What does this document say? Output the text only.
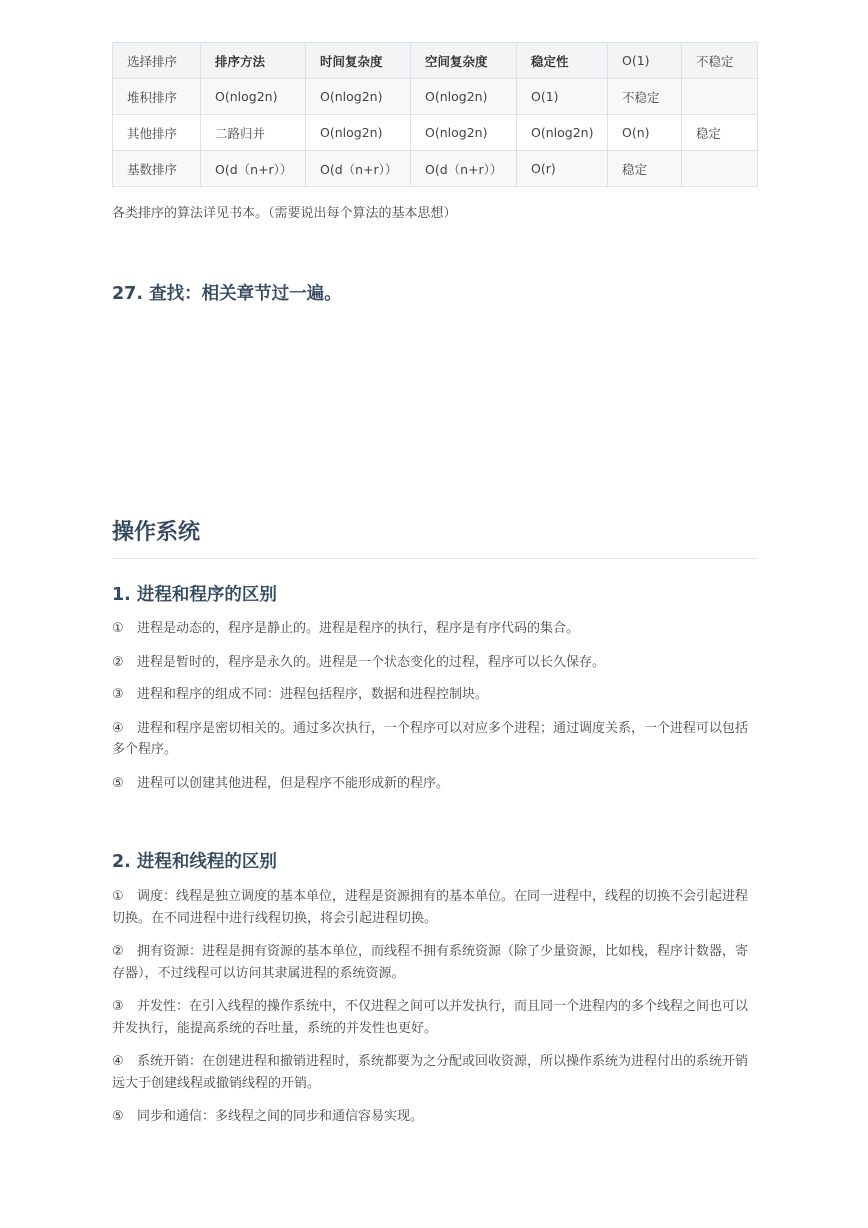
选择排序	排序方法	时间复杂度	空间复杂度	稳定性	O(1)	不稳定
堆积排序	O(nlog2n)	O(nlog2n)	O(nlog2n)	O(1)	不稳定	
其他排序	二路归并	O(nlog2n)	O(nlog2n)	O(nlog2n)	O(n)	稳定
基数排序	O(d（n+r））	O(d（n+r））	O(d（n+r））	O(r)	稳定	

各类排序的算法详见书本。（需要说出每个算法的基本思想）

27. 查找：相关章节过一遍。
操作系统
1. 进程和程序的区别

① 进程是动态的，程序是静止的。进程是程序的执行，程序是有序代码的集合。

② 进程是暂时的，程序是永久的。进程是一个状态变化的过程，程序可以长久保存。

③ 进程和程序的组成不同：进程包括程序，数据和进程控制块。

④ 进程和程序是密切相关的。通过多次执行，一个程序可以对应多个进程；通过调度关系，一个进程可以包括多个程序。

⑤ 进程可以创建其他进程，但是程序不能形成新的程序。

2. 进程和线程的区别

① 调度：线程是独立调度的基本单位，进程是资源拥有的基本单位。在同一进程中，线程的切换不会引起进程切换。在不同进程中进行线程切换，将会引起进程切换。

② 拥有资源：进程是拥有资源的基本单位，而线程不拥有系统资源（除了少量资源，比如栈，程序计数器，寄存器），不过线程可以访问其隶属进程的系统资源。

③ 并发性：在引入线程的操作系统中，不仅进程之间可以并发执行，而且同一个进程内的多个线程之间也可以并发执行，能提高系统的吞吐量，系统的并发性也更好。

④ 系统开销：在创建进程和撤销进程时，系统都要为之分配或回收资源，所以操作系统为进程付出的系统开销远大于创建线程或撤销线程的开销。

⑤ 同步和通信：多线程之间的同步和通信容易实现。
